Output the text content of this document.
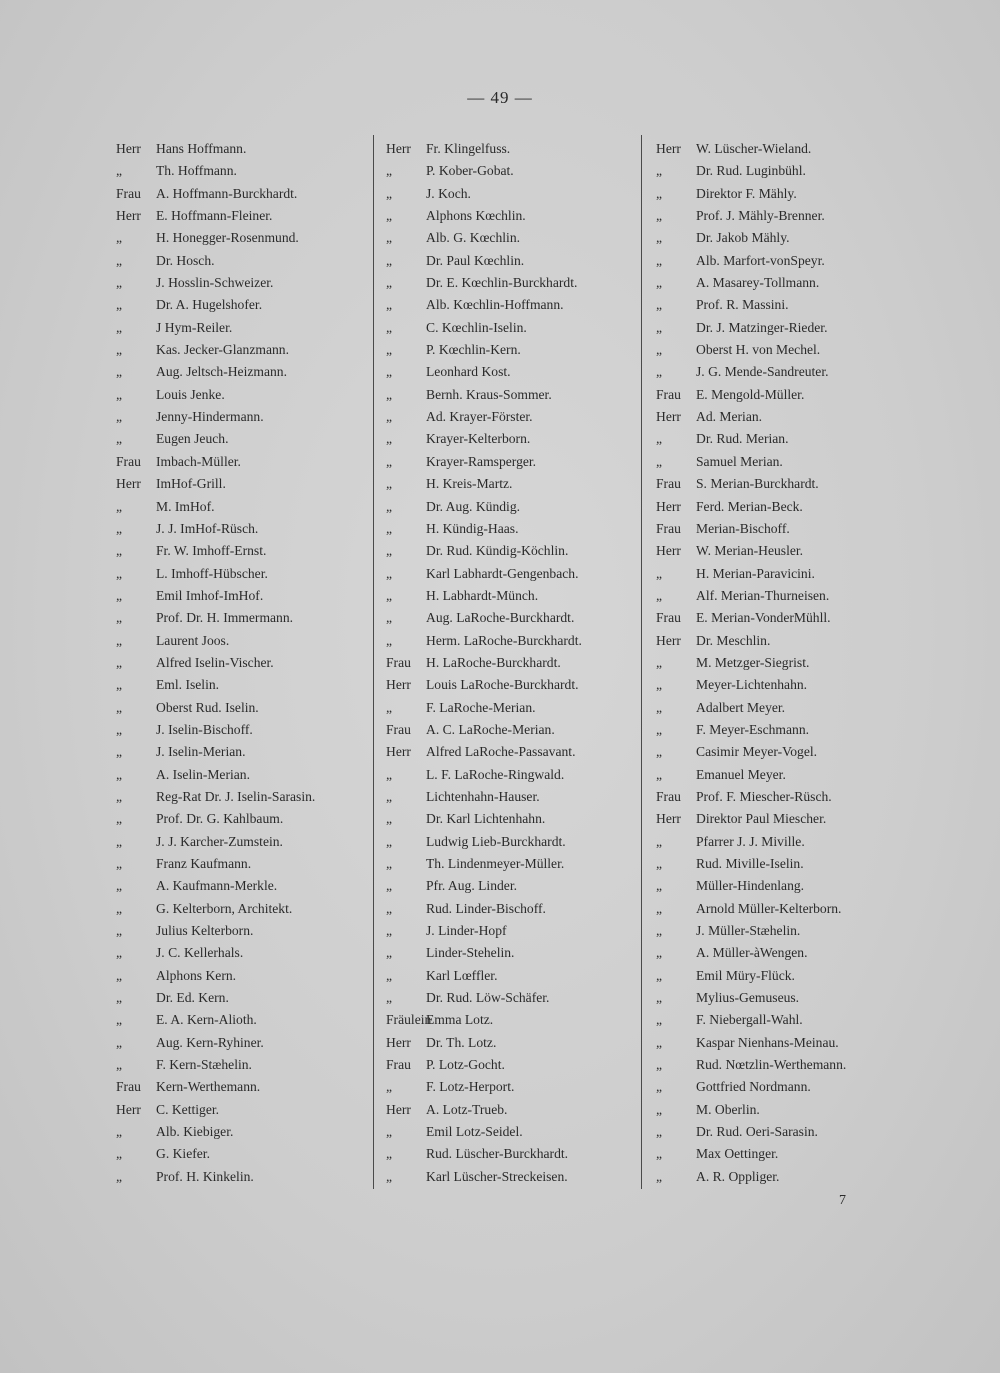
— 49 —
Herr Hans Hoffmann.
„ Th. Hoffmann.
Frau A. Hoffmann-Burckhardt.
Herr E. Hoffmann-Fleiner.
„ H. Honegger-Rosenmund.
„ Dr. Hosch.
„ J. Hosslin-Schweizer.
„ Dr. A. Hugelshofer.
„ J Hym-Reiler.
„ Kas. Jecker-Glanzmann.
„ Aug. Jeltsch-Heizmann.
„ Louis Jenke.
„ Jenny-Hindermann.
„ Eugen Jeuch.
Frau Imbach-Müller.
Herr ImHof-Grill.
„ M. ImHof.
„ J. J. ImHof-Rüsch.
„ Fr. W. Imhoff-Ernst.
„ L. Imhoff-Hübscher.
„ Emil Imhof-ImHof.
„ Prof. Dr. H. Immermann.
„ Laurent Joos.
„ Alfred Iselin-Vischer.
„ Eml. Iselin.
„ Oberst Rud. Iselin.
„ J. Iselin-Bischoff.
„ J. Iselin-Merian.
„ A. Iselin-Merian.
„ Reg-Rat Dr. J. Iselin-Sarasin.
„ Prof. Dr. G. Kahlbaum.
„ J. J. Karcher-Zumstein.
„ Franz Kaufmann.
„ A. Kaufmann-Merkle.
„ G. Kelterborn, Architekt.
„ Julius Kelterborn.
„ J. C. Kellerhals.
„ Alphons Kern.
„ Dr. Ed. Kern.
„ E. A. Kern-Alioth.
„ Aug. Kern-Ryhiner.
„ F. Kern-Stæhelin.
Frau Kern-Werthemann.
Herr C. Kettiger.
„ Alb. Kiebiger.
„ G. Kiefer.
„ Prof. H. Kinkelin.
Herr Fr. Klingelfuss.
„ P. Kober-Gobat.
„ J. Koch.
„ Alphons Kœchlin.
„ Alb. G. Kœchlin.
„ Dr. Paul Kœchlin.
„ Dr. E. Kœchlin-Burckhardt.
„ Alb. Kœchlin-Hoffmann.
„ C. Kœchlin-Iselin.
„ P. Kœchlin-Kern.
„ Leonhard Kost.
„ Bernh. Kraus-Sommer.
„ Ad. Krayer-Förster.
„ Krayer-Kelterborn.
„ Krayer-Ramsperger.
„ H. Kreis-Martz.
„ Dr. Aug. Kündig.
„ H. Kündig-Haas.
„ Dr. Rud. Kündig-Köchlin.
„ Karl Labhardt-Gengenbach.
„ H. Labhardt-Münch.
„ Aug. LaRoche-Burckhardt.
„ Herm. LaRoche-Burckhardt.
Frau H. LaRoche-Burckhardt.
Herr Louis LaRoche-Burckhardt.
„ F. LaRoche-Merian.
Frau A. C. LaRoche-Merian.
Herr Alfred LaRoche-Passavant.
„ L. F. LaRoche-Ringwald.
„ Lichtenhahn-Hauser.
„ Dr. Karl Lichtenhahn.
„ Ludwig Lieb-Burckhardt.
„ Th. Lindenmeyer-Müller.
„ Pfr. Aug. Linder.
„ Rud. Linder-Bischoff.
„ J. Linder-Hopf
„ Linder-Stehelin.
„ Karl Lœffler.
„ Dr. Rud. Löw-Schäfer.
FräuleinEmma Lotz.
Herr Dr. Th. Lotz.
Frau P. Lotz-Gocht.
„ F. Lotz-Herport.
Herr A. Lotz-Trueb.
„ Emil Lotz-Seidel.
„ Rud. Lüscher-Burckhardt.
„ Karl Lüscher-Streckeisen.
Herr W. Lüscher-Wieland.
„ Dr. Rud. Luginbühl.
„ Direktor F. Mähly.
„ Prof. J. Mähly-Brenner.
„ Dr. Jakob Mähly.
„ Alb. Marfort-vonSpeyr.
„ A. Masarey-Tollmann.
„ Prof. R. Massini.
„ Dr. J. Matzinger-Rieder.
„ Oberst H. von Mechel.
„ J. G. Mende-Sandreuter.
Frau E. Mengold-Müller.
Herr Ad. Merian.
„ Dr. Rud. Merian.
„ Samuel Merian.
Frau S. Merian-Burckhardt.
Herr Ferd. Merian-Beck.
Frau Merian-Bischoff.
Herr W. Merian-Heusler.
„ H. Merian-Paravicini.
„ Alf. Merian-Thurneisen.
Frau E. Merian-VonderMühll.
Herr Dr. Meschlin.
„ M. Metzger-Siegrist.
„ Meyer-Lichtenhahn.
„ Adalbert Meyer.
„ F. Meyer-Eschmann.
„ Casimir Meyer-Vogel.
„ Emanuel Meyer.
Frau Prof. F. Miescher-Rüsch.
Herr Direktor Paul Miescher.
„ Pfarrer J. J. Miville.
„ Rud. Miville-Iselin.
„ Müller-Hindenlang.
„ Arnold Müller-Kelterborn.
„ J. Müller-Stæhelin.
„ A. Müller-àWengen.
„ Emil Müry-Flück.
„ Mylius-Gemuseus.
„ F. Niebergall-Wahl.
„ Kaspar Nienhans-Meinau.
„ Rud. Nœtzlin-Werthemann.
„ Gottfried Nordmann.
„ M. Oberlin.
„ Dr. Rud. Oeri-Sarasin.
„ Max Oettinger.
„ A. R. Oppliger.
7
